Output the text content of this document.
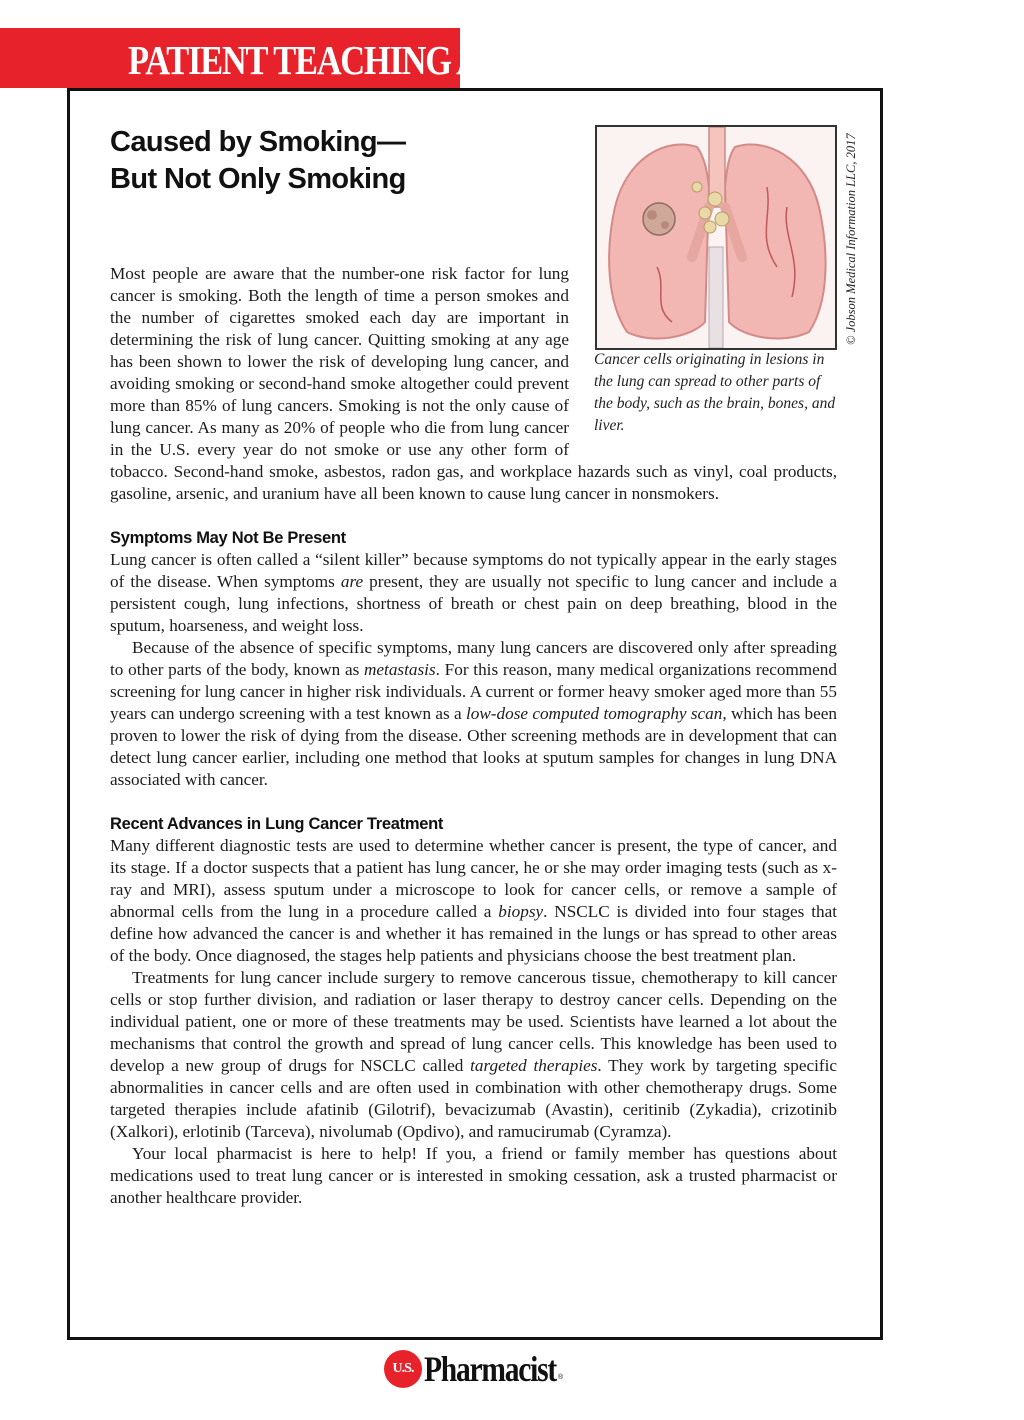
PATIENT TEACHING AID
Caused by Smoking—
But Not Only Smoking

Cancer cells originating in lesions in the lung can spread to other parts of the body, such as the brain, bones, and liver.

© Jobson Medical Information LLC, 2017

Most people are aware that the number-one risk factor for lung cancer is smoking. Both the length of time a person smokes and the number of cigarettes smoked each day are important in determining the risk of lung cancer. Quitting smoking at any age has been shown to lower the risk of developing lung cancer, and avoiding smoking or second-hand smoke altogether could prevent more than 85% of lung cancers. Smoking is not the only cause of lung cancer. As many as 20% of people who die from lung cancer in the U.S. every year do not smoke or use any other form of tobacco. Second-hand smoke, asbestos, radon gas, and workplace hazards such as vinyl, coal products, gasoline, arsenic, and uranium have all been known to cause lung cancer in nonsmokers.

Symptoms May Not Be Present

Lung cancer is often called a “silent killer” because symptoms do not typically appear in the early stages of the disease. When symptoms are present, they are usually not specific to lung cancer and include a persistent cough, lung infections, shortness of breath or chest pain on deep breathing, blood in the sputum, hoarseness, and weight loss.

Because of the absence of specific symptoms, many lung cancers are discovered only after spreading to other parts of the body, known as metastasis. For this reason, many medical organizations recommend screening for lung cancer in higher risk individuals. A current or former heavy smoker aged more than 55 years can undergo screening with a test known as a low-dose computed tomography scan, which has been proven to lower the risk of dying from the disease. Other screening methods are in development that can detect lung cancer earlier, including one method that looks at sputum samples for changes in lung DNA associated with cancer.

Recent Advances in Lung Cancer Treatment

Many different diagnostic tests are used to determine whether cancer is present, the type of cancer, and its stage. If a doctor suspects that a patient has lung cancer, he or she may order imaging tests (such as x-ray and MRI), assess sputum under a microscope to look for cancer cells, or remove a sample of abnormal cells from the lung in a procedure called a biopsy. NSCLC is divided into four stages that define how advanced the cancer is and whether it has remained in the lungs or has spread to other areas of the body. Once diagnosed, the stages help patients and physicians choose the best treatment plan.

Treatments for lung cancer include surgery to remove cancerous tissue, chemotherapy to kill cancer cells or stop further division, and radiation or laser therapy to destroy cancer cells. Depending on the individual patient, one or more of these treatments may be used. Scientists have learned a lot about the mechanisms that control the growth and spread of lung cancer cells. This knowledge has been used to develop a new group of drugs for NSCLC called targeted therapies. They work by targeting specific abnormalities in cancer cells and are often used in combination with other chemotherapy drugs. Some targeted therapies include afatinib (Gilotrif), bevacizumab (Avastin), ceritinib (Zykadia), crizotinib (Xalkori), erlotinib (Tarceva), nivolumab (Opdivo), and ramucirumab (Cyramza).

Your local pharmacist is here to help! If you, a friend or family member has questions about medications used to treat lung cancer or is interested in smoking cessation, ask a trusted pharmacist or another healthcare provider.

U.S. Pharmacist ®
